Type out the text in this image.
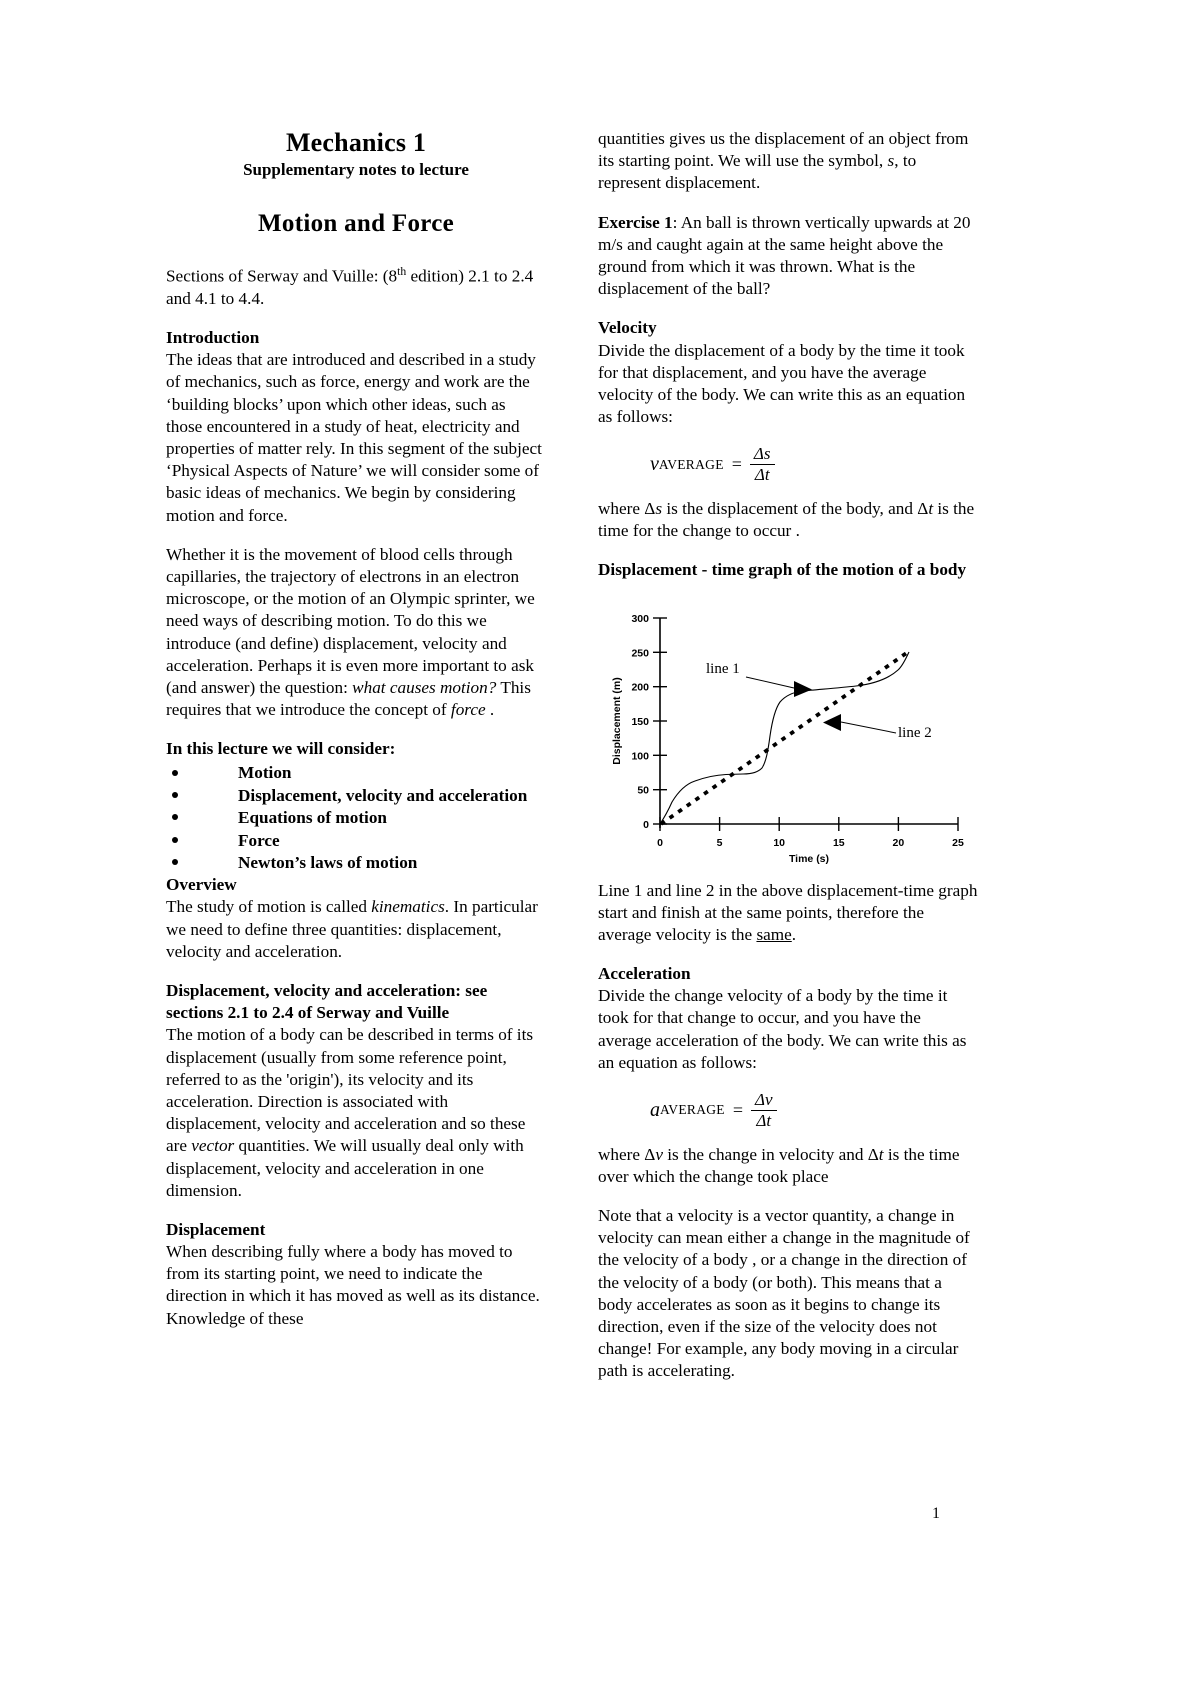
Mechanics 1
Supplementary notes to lecture
Motion and Force

Sections of Serway and Vuille: (8th edition) 2.1 to 2.4 and 4.1 to 4.4.

Introduction

The ideas that are introduced and described in a study of mechanics, such as force, energy and work are the ‘building blocks’ upon which other ideas, such as those encountered in a study of heat, electricity and properties of matter rely. In this segment of the subject ‘Physical Aspects of Nature’ we will consider some of basic ideas of mechanics. We begin by considering motion and force.

Whether it is the movement of blood cells through capillaries, the trajectory of electrons in an electron microscope, or the motion of an Olympic sprinter, we need ways of describing motion. To do this we introduce (and define) displacement, velocity and acceleration. Perhaps it is even more important to ask (and answer) the question: what causes motion? This requires that we introduce the concept of force .

In this lecture we will consider:
Motion
Displacement, velocity and acceleration
Equations of motion
Force
Newton’s laws of motion
Overview

The study of motion is called kinematics. In particular we need to define three quantities: displacement, velocity and acceleration.

Displacement, velocity and acceleration: see sections 2.1 to 2.4 of Serway and Vuille

The motion of a body can be described in terms of its displacement (usually from some reference point, referred to as the 'origin'), its velocity and its acceleration. Direction is associated with displacement, velocity and acceleration and so these are vector quantities. We will usually deal only with displacement, velocity and acceleration in one dimension.

Displacement

When describing fully where a body has moved to from its starting point, we need to indicate the direction in which it has moved as well as its distance. Knowledge of these

quantities gives us the displacement of an object from its starting point. We will use the symbol, s, to represent displacement.

Exercise 1: An ball is thrown vertically upwards at 20 m/s and caught again at the same height above the ground from which it was thrown. What is the displacement of the ball?

Velocity

Divide the displacement of a body by the time it took for that displacement, and you have the average velocity of the body. We can write this as an equation as follows:

v AVERAGE = $\frac{\Delta s}{\Delta t}$

where Δs is the displacement of the body, and Δt is the time for the change to occur .

Displacement - time graph of the motion of a body
300
250
200
150
100
50
0
0	5	10	15	20	25
Time (s)
Displacement (m)
line 1
line 2

Line 1 and line 2 in the above displacement-time graph start and finish at the same points, therefore the average velocity is the same.

Acceleration

Divide the change velocity of a body by the time it took for that change to occur, and you have the average acceleration of the body. We can write this as an equation as follows:

a AVERAGE = $\frac{\Delta v}{\Delta t}$

where Δv is the change in velocity and Δt is the time over which the change took place

Note that a velocity is a vector quantity, a change in velocity can mean either a change in the magnitude of the velocity of a body , or a change in the direction of the velocity of a body (or both). This means that a body accelerates as soon as it begins to change its direction, even if the size of the velocity does not change! For example, any body moving in a circular path is accelerating.

1
